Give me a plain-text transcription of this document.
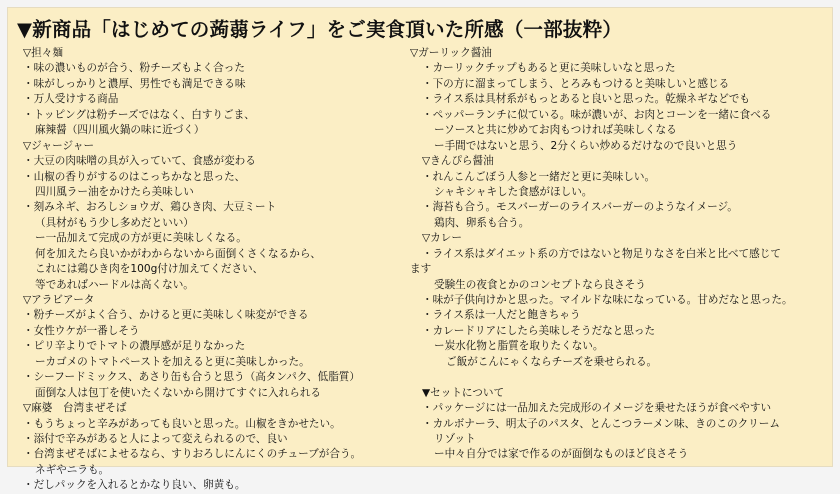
▼新商品「はじめての蒟蒻ライフ」をご実食頂いた所感（一部抜粋）
▽担々麺
・味の濃いものが合う、粉チーズもよく合った
・味がしっかりと濃厚、男性でも満足できる味
・万人受けする商品
・トッピングは粉チーズではなく、白すりごま、
麻辣醤（四川風火鍋の味に近づく）
▽ジャージャー
・大豆の肉味噌の具が入っていて、食感が変わる
・山椒の香りがするのはこっちかなと思った、
四川風ラー油をかけたら美味しい
・刻みネギ、おろしショウガ、鶏ひき肉、大豆ミート
（具材がもう少し多めだといい）
ー一品加えて完成の方が更に美味しくなる。
何を加えたら良いかがわからないから面倒くさくなるから、
これには鶏ひき肉を100g付け加えてください、
等であればハードルは高くない。
▽アラビアータ
・粉チーズがよく合う、かけると更に美味しく味変ができる
・女性ウケが一番しそう
・ピリ辛よりでトマトの濃厚感が足りなかった
ーカゴメのトマトペーストを加えると更に美味しかった。
・シーフードミックス、あさり缶も合うと思う（高タンパク、低脂質）
面倒な人は包丁を使いたくないから開けてすぐに入れられる
▽麻婆　台湾まぜそば
・もうちょっと辛みがあっても良いと思った。山椒をきかせたい。
・添付で辛みがあると人によって変えられるので、良い
・台湾まぜそばによせるなら、すりおろしにんにくのチューブが合う。
ネギやニラも。
・だしパックを入れるとかなり良い、卵黄も。
▽ガーリック醤油
・カーリックチップもあると更に美味しいなと思った
・下の方に溜まってしまう、とろみもつけると美味しいと感じる
・ライス系は具材系がもっとあると良いと思った。乾燥ネギなどでも
・ペッパーランチに似ている。味が濃いが、お肉とコーンを一緒に食べる
ーソースと共に炒めてお肉もつければ美味しくなる
ー手間ではないと思う、2分くらい炒めるだけなので良いと思う
▽きんぴら醤油
・れんこんごぼう人参と一緒だと更に美味しい。
シャキシャキした食感がほしい。
・海苔も合う。モスバーガーのライスバーガーのようなイメージ。
鶏肉、卵系も合う。
▽カレー
・ライス系はダイエット系の方ではないと物足りなさを白米と比べて感じて
ます
受験生の夜食とかのコンセプトなら良さそう
・味が子供向けかと思った。マイルドな味になっている。甘めだなと思った。
・ライス系は一人だと飽きちゃう
・カレードリアにしたら美味しそうだなと思った
ー炭水化物と脂質を取りたくない。
ご飯がこんにゃくならチーズを乗せられる。
▼セットについて
・パッケージには一品加えた完成形のイメージを乗せたほうが食べやすい
・カルボナーラ、明太子のパスタ、とんこつラーメン味、きのこのクリーム
リゾット
ー中々自分では家で作るのが面倒なものほど良さそう
